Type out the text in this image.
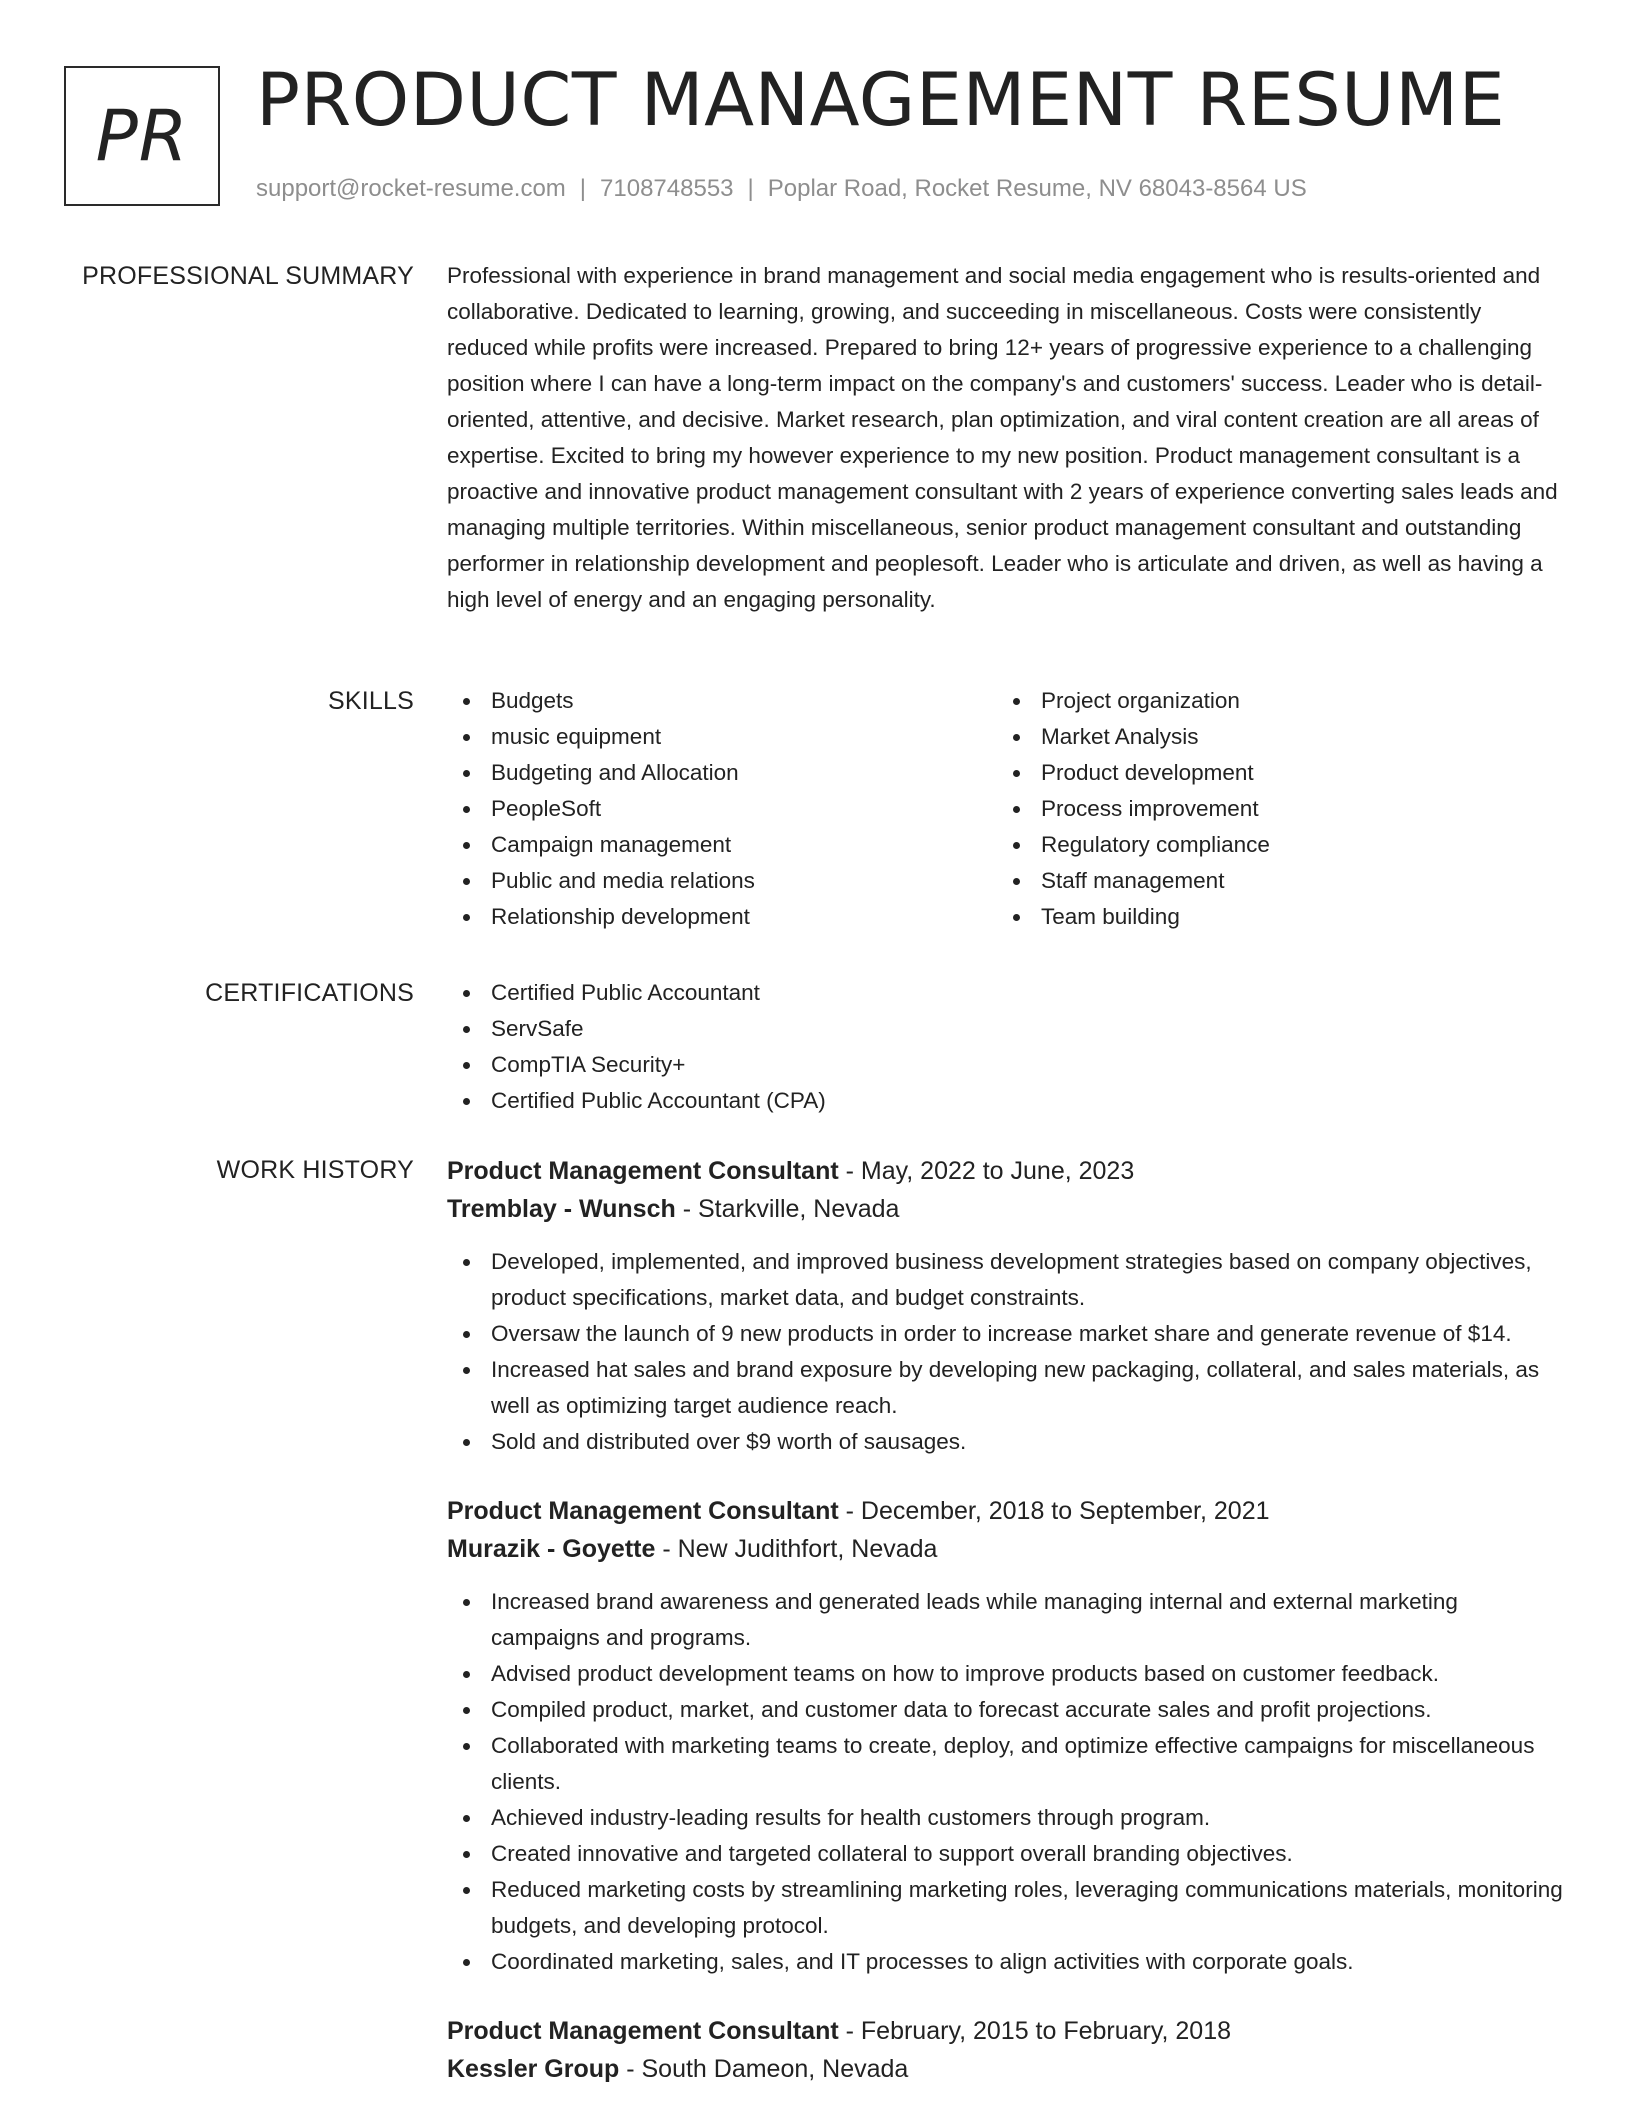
PR PRODUCT MANAGEMENT RESUME
support@rocket-resume.com | 7108748553 | Poplar Road, Rocket Resume, NV 68043-8564 US
PROFESSIONAL SUMMARY Professional with experience in brand management and social media engagement who is results-oriented and collaborative. Dedicated to learning, growing, and succeeding in miscellaneous. Costs were consistently reduced while profits were increased. Prepared to bring 12+ years of progressive experience to a challenging position where I can have a long-term impact on the company's and customers' success. Leader who is detail-oriented, attentive, and decisive. Market research, plan optimization, and viral content creation are all areas of expertise. Excited to bring my however experience to my new position. Product management consultant is a proactive and innovative product management consultant with 2 years of experience converting sales leads and managing multiple territories. Within miscellaneous, senior product management consultant and outstanding performer in relationship development and peoplesoft. Leader who is articulate and driven, as well as having a high level of energy and an engaging personality.

SKILLS	Budgets
music equipment
Budgeting and Allocation
PeopleSoft
Campaign management
Public and media relations
Relationship development
Project organization
Market Analysis
Product development
Process improvement
Regulatory compliance
Staff management
Team building
CERTIFICATIONS	Certified Public Accountant
ServSafe
CompTIA Security+
Certified Public Accountant (CPA)
WORK HISTORY Product Management Consultant - May, 2022 to June, 2023
Tremblay - Wunsch - Starkville, Nevada
Developed, implemented, and improved business development strategies based on company objectives, product specifications, market data, and budget constraints.
Oversaw the launch of 9 new products in order to increase market share and generate revenue of $14.
Increased hat sales and brand exposure by developing new packaging, collateral, and sales materials, as well as optimizing target audience reach.
Sold and distributed over $9 worth of sausages.
Product Management Consultant - December, 2018 to September, 2021
Murazik - Goyette - New Judithfort, Nevada
Increased brand awareness and generated leads while managing internal and external marketing campaigns and programs.
Advised product development teams on how to improve products based on customer feedback.
Compiled product, market, and customer data to forecast accurate sales and profit projections.
Collaborated with marketing teams to create, deploy, and optimize effective campaigns for miscellaneous clients.
Achieved industry-leading results for health customers through program.
Created innovative and targeted collateral to support overall branding objectives.
Reduced marketing costs by streamlining marketing roles, leveraging communications materials, monitoring budgets, and developing protocol.
Coordinated marketing, sales, and IT processes to align activities with corporate goals.
Product Management Consultant - February, 2015 to February, 2018
Kessler Group - South Dameon, Nevada
